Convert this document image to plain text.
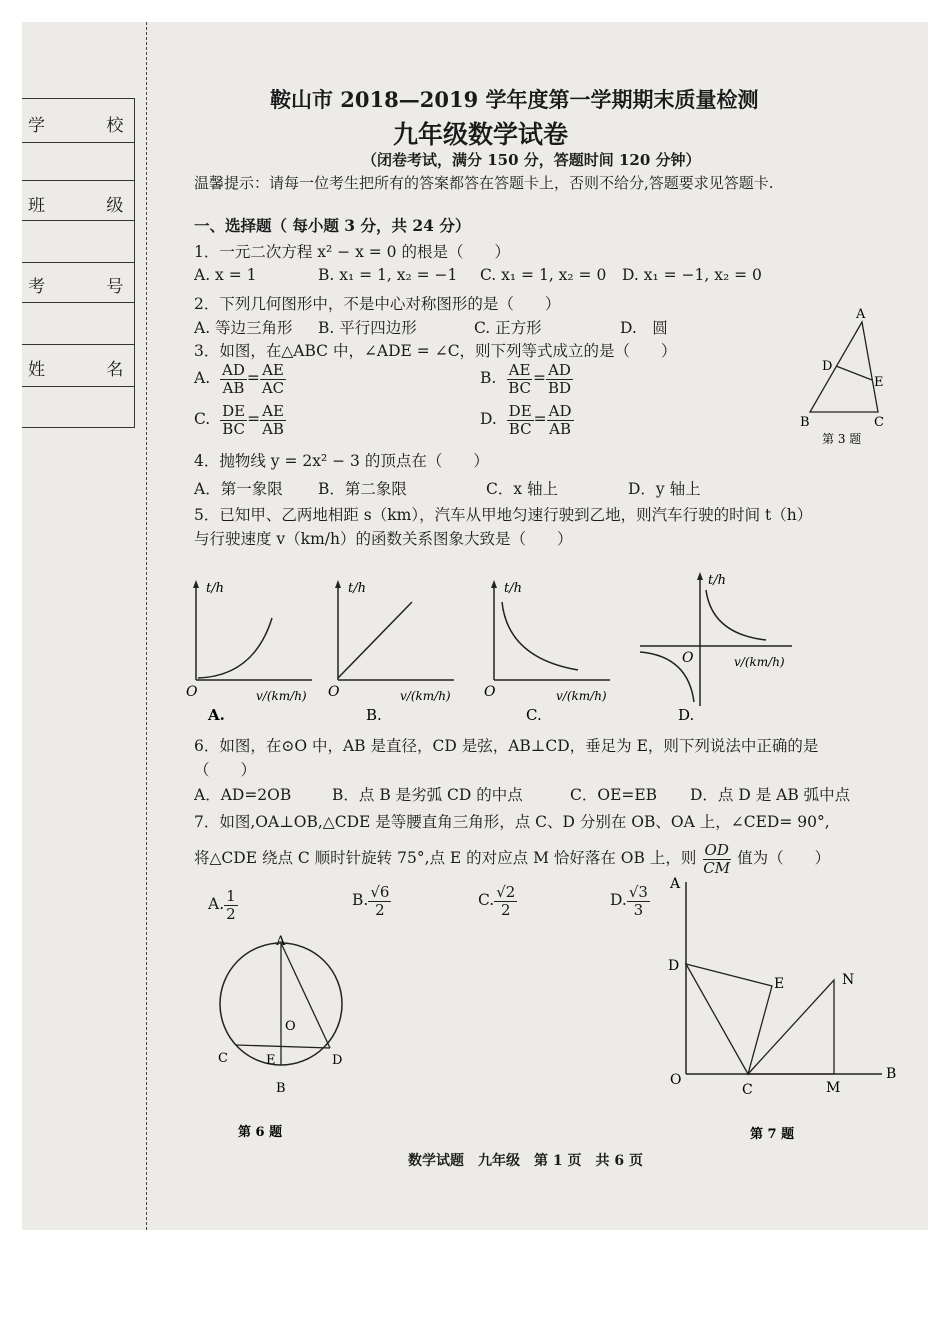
学 校
班 级
考 号
姓 名
鞍山市 2018—2019 学年度第一学期期末质量检测
九年级数学试卷
（闭卷考试，满分 150 分，答题时间 120 分钟）
温馨提示：请每一位考生把所有的答案都答在答题卡上，否则不给分,答题要求见答题卡.
一、选择题（ 每小题 3 分，共 24 分）
1．一元二次方程 x² − x = 0 的根是（　　）
A. x = 1	B. x₁ = 1, x₂ = −1 C. x₁ = 1, x₂ = 0 D. x₁ = −1, x₂ = 0
2．下列几何图形中，不是中心对称图形的是（　　）
A. 等边三角形 B. 平行四边形	C. 正方形	D.　圆
3．如图，在△ABC 中，∠ADE = ∠C，则下列等式成立的是（　　）
A. $\frac{AD}{AB} = \frac{AE}{AC}$	B. $\frac{AE}{BC} = \frac{AD}{BD}$
C. $\frac{DE}{BC} = \frac{AE}{AB}$	D. $\frac{DE}{BC} = \frac{AD}{AB}$
A
D
E
B	C
第 3 题
4．抛物线 y = 2x² − 3 的顶点在（　　）
A．第一象限 B．第二象限	C．x 轴上	D．y 轴上
5．已知甲、乙两地相距 s（km），汽车从甲地匀速行驶到乙地，则汽车行驶的时间 t（h）
与行驶速度 v（km/h）的函数关系图象大致是（　　）
t/h
O	v/(km/h)
A.
t/h
O	v/(km/h)
B.
t/h
O	v/(km/h)
C.
t/h
O	v/(km/h)
D.
6．如图，在⊙O 中，AB 是直径，CD 是弦，AB⊥CD，垂足为 E，则下列说法中正确的是
（　　）
A．AD=2OB	B．点 B 是劣弧 CD 的中点	C．OE=EB D．点 D 是 AB 弧中点
7．如图,OA⊥OB,△CDE 是等腰直角三角形，点 C、D 分别在 OB、OA 上，∠CED= 90°,
将△CDE 绕点 C 顺时针旋转 75°,点 E 的对应点 M 恰好落在 OB 上，则 $\frac{OD}{CM}$ 值为（　　）
A. $\frac{1}{2}$	B. $\frac{√6}{2}$	C. $\frac{√2}{2}$	D. $\frac{√3}{3}$
A
O
C	E	D
B
第 6 题
A
D
E	N
O
C	M
B
第 7 题
数学试题　九年级　第 1 页　共 6 页
